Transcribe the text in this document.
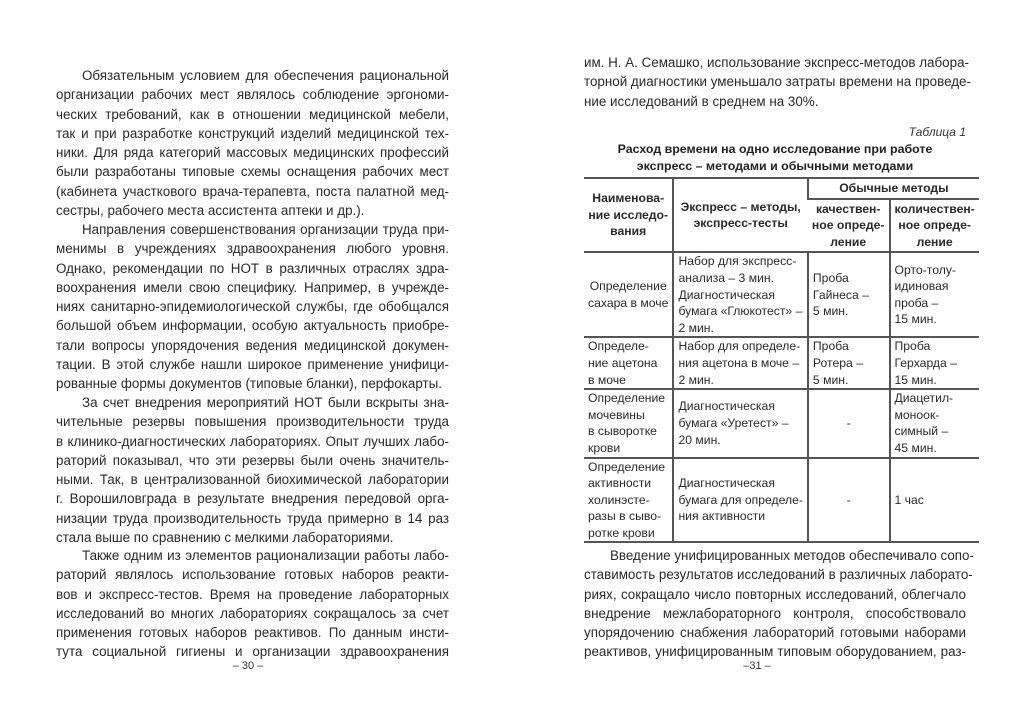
Обязательным условием для обеспечения рациональной
организации рабочих мест являлось соблюдение эргономи-
ческих требований, как в отношении медицинской мебели,
так и при разработке конструкций изделий медицинской тех-
ники. Для ряда категорий массовых медицинских профессий
были разработаны типовые схемы оснащения рабочих мест
(кабинета участкового врача-терапевта, поста палатной мед-
сестры, рабочего места ассистента аптеки и др.).
Направления совершенствования организации труда при-
менимы в учреждениях здравоохранения любого уровня.
Однако, рекомендации по НОТ в различных отраслях здра-
воохранения имели свою специфику. Например, в учрежде-
ниях санитарно-эпидемиологической службы, где обобщался
большой объем информации, особую актуальность приобре-
тали вопросы упорядочения ведения медицинской докумен-
тации. В этой службе нашли широкое применение унифици-
рованные формы документов (типовые бланки), перфокарты.
За счет внедрения мероприятий НОТ были вскрыты зна-
чительные резервы повышения производительности труда
в клинико-диагностических лабораториях. Опыт лучших лабо-
раторий показывал, что эти резервы были очень значитель-
ными. Так, в централизованной биохимической лаборатории
г. Ворошиловграда в результате внедрения передовой орга-
низации труда производительность труда примерно в 14 раз
стала выше по сравнению с мелкими лабораториями.
Также одним из элементов рационализации работы лабо-
раторий являлось использование готовых наборов реакти-
вов и экспресс-тестов. Время на проведение лабораторных
исследований во многих лабораториях сокращалось за счет
применения готовых наборов реактивов. По данным инсти-
тута социальной гигиены и организации здравоохранения
– 30 –
им. Н. А. Семашко, использование экспресс-методов лабора-
торной диагностики уменьшало затраты времени на проведе-
ние исследований в среднем на 30%.
Таблица 1
Расход времени на одно исследование при работе
экспресс – методами и обычными методами
Наименова-
ние исследо-
вания	Экспресс – методы,
экспресс-тесты	Обычные методы	

		качествен-
ное опреде-
ление	количествен-
ное опреде-
ление

Определение
сахара в моче	Набор для экспресс-
анализа – 3 мин.
Диагностическая
бумага «Глюкотест» –
2 мин.	Проба
Гайнеса –
5 мин.	Орто-толу-
идиновая
проба –
15 мин.

Определе-
ние ацетона
в моче	Набор для определе-
ния ацетона в моче –
2 мин.	Проба
Ротера –
5 мин.	Проба
Герхарда –
15 мин.

Определение
мочевины
в сыворотке
крови	Диагностическая
бумага «Уретест» –
20 мин.	-	Диацетил-
моноок-
симный –
45 мин.

Определение
активности
холинэсте-
разы в сыво-
ротке крови	Диагностическая
бумага для определе-
ния активности	-	1 час
Введение унифицированных методов обеспечивало сопо-
ставимость результатов исследований в различных лаборато-
риях, сокращало число повторных исследований, облегчало
внедрение межлабораторного контроля, способствовало
упорядочению снабжения лабораторий готовыми наборами
реактивов, унифицированным типовым оборудованием, раз-
–31 –
